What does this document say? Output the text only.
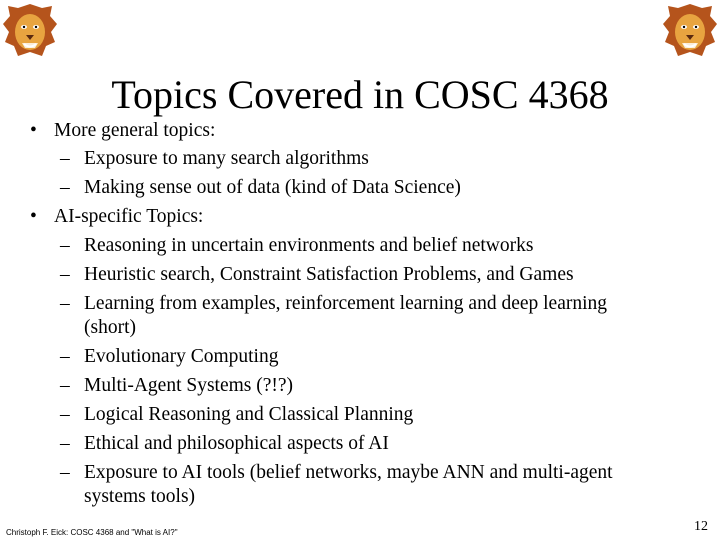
Topics Covered in COSC 4368
• More general topics:
– Exposure to many search algorithms
– Making sense out of data (kind of Data Science)
• AI-specific Topics:
– Reasoning in uncertain environments and belief networks
– Heuristic search, Constraint Satisfaction Problems, and Games
– Learning from examples, reinforcement learning and deep learning
(short)
– Evolutionary Computing
– Multi-Agent Systems (?!?)
– Logical Reasoning and Classical Planning
– Ethical and philosophical aspects of AI
– Exposure to AI tools (belief networks, maybe ANN and multi-agent
systems tools)
Christoph F. Eick: COSC 4368 and "What is AI?"	12
